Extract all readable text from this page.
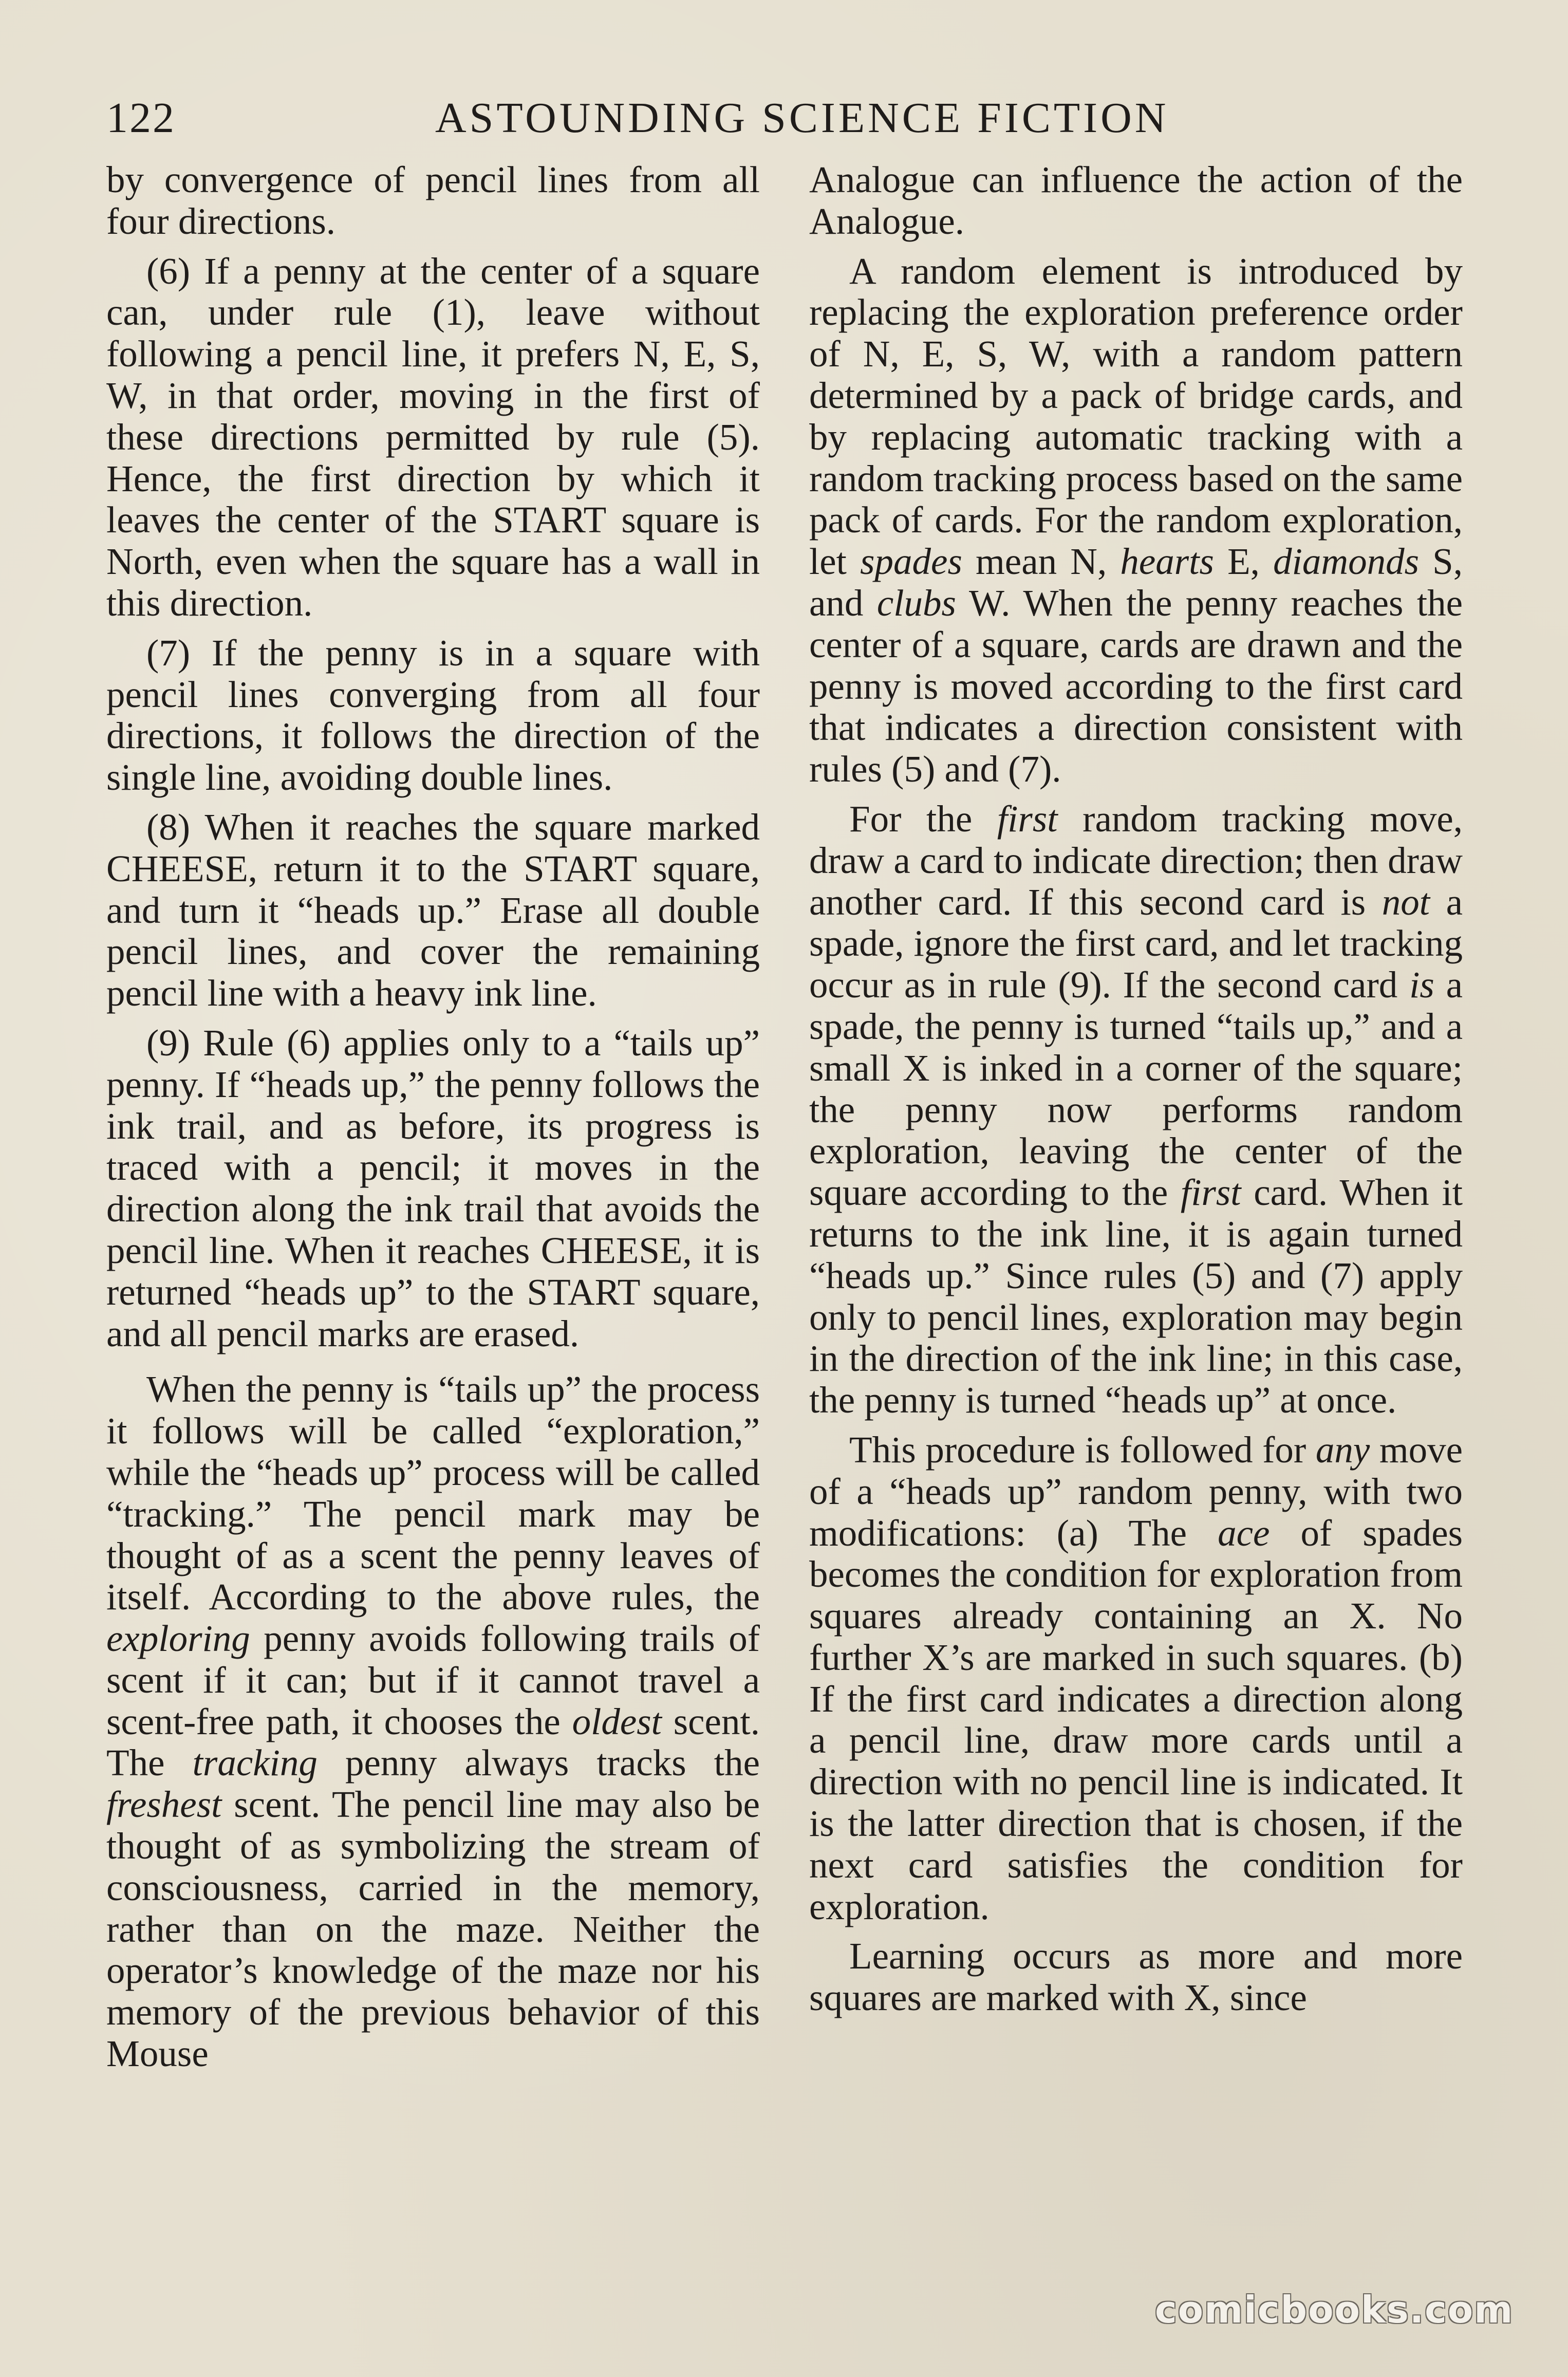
122	ASTOUNDING SCIENCE FICTION

by convergence of pencil lines from all four directions.

(6) If a penny at the center of a square can, under rule (1), leave without following a pencil line, it prefers N, E, S, W, in that order, moving in the first of these directions permitted by rule (5). Hence, the first direction by which it leaves the center of the START square is North, even when the square has a wall in this direction.

(7) If the penny is in a square with pencil lines converging from all four directions, it follows the direction of the single line, avoiding double lines.

(8) When it reaches the square marked CHEESE, return it to the START square, and turn it “heads up.” Erase all double pencil lines, and cover the remaining pencil line with a heavy ink line.

(9) Rule (6) applies only to a “tails up” penny. If “heads up,” the penny follows the ink trail, and as before, its progress is traced with a pencil; it moves in the direction along the ink trail that avoids the pencil line. When it reaches CHEESE, it is returned “heads up” to the START square, and all pencil marks are erased.

When the penny is “tails up” the process it follows will be called “exploration,” while the “heads up” process will be called “tracking.” The pencil mark may be thought of as a scent the penny leaves of itself. According to the above rules, the exploring penny avoids following trails of scent if it can; but if it cannot travel a scent-free path, it chooses the oldest scent. The tracking penny always tracks the freshest scent. The pencil line may also be thought of as symbolizing the stream of consciousness, carried in the memory, rather than on the maze. Neither the operator’s knowledge of the maze nor his memory of the previous behavior of this Mouse

Analogue can influence the action of the Analogue.

A random element is introduced by replacing the exploration preference order of N, E, S, W, with a random pattern determined by a pack of bridge cards, and by replacing automatic tracking with a random tracking process based on the same pack of cards. For the random exploration, let spades mean N, hearts E, diamonds S, and clubs W. When the penny reaches the center of a square, cards are drawn and the penny is moved according to the first card that indicates a direction consistent with rules (5) and (7).

For the first random tracking move, draw a card to indicate direction; then draw another card. If this second card is not a spade, ignore the first card, and let tracking occur as in rule (9). If the second card is a spade, the penny is turned “tails up,” and a small X is inked in a corner of the square; the penny now performs random exploration, leaving the center of the square according to the first card. When it returns to the ink line, it is again turned “heads up.” Since rules (5) and (7) apply only to pencil lines, exploration may begin in the direction of the ink line; in this case, the penny is turned “heads up” at once.

This procedure is followed for any move of a “heads up” random penny, with two modifications: (a) The ace of spades becomes the condition for exploration from squares already containing an X. No further X’s are marked in such squares. (b) If the first card indicates a direction along a pencil line, draw more cards until a direction with no pencil line is indicated. It is the latter direction that is chosen, if the next card satisfies the condition for exploration.

Learning occurs as more and more squares are marked with X, since

comicbooks.com
